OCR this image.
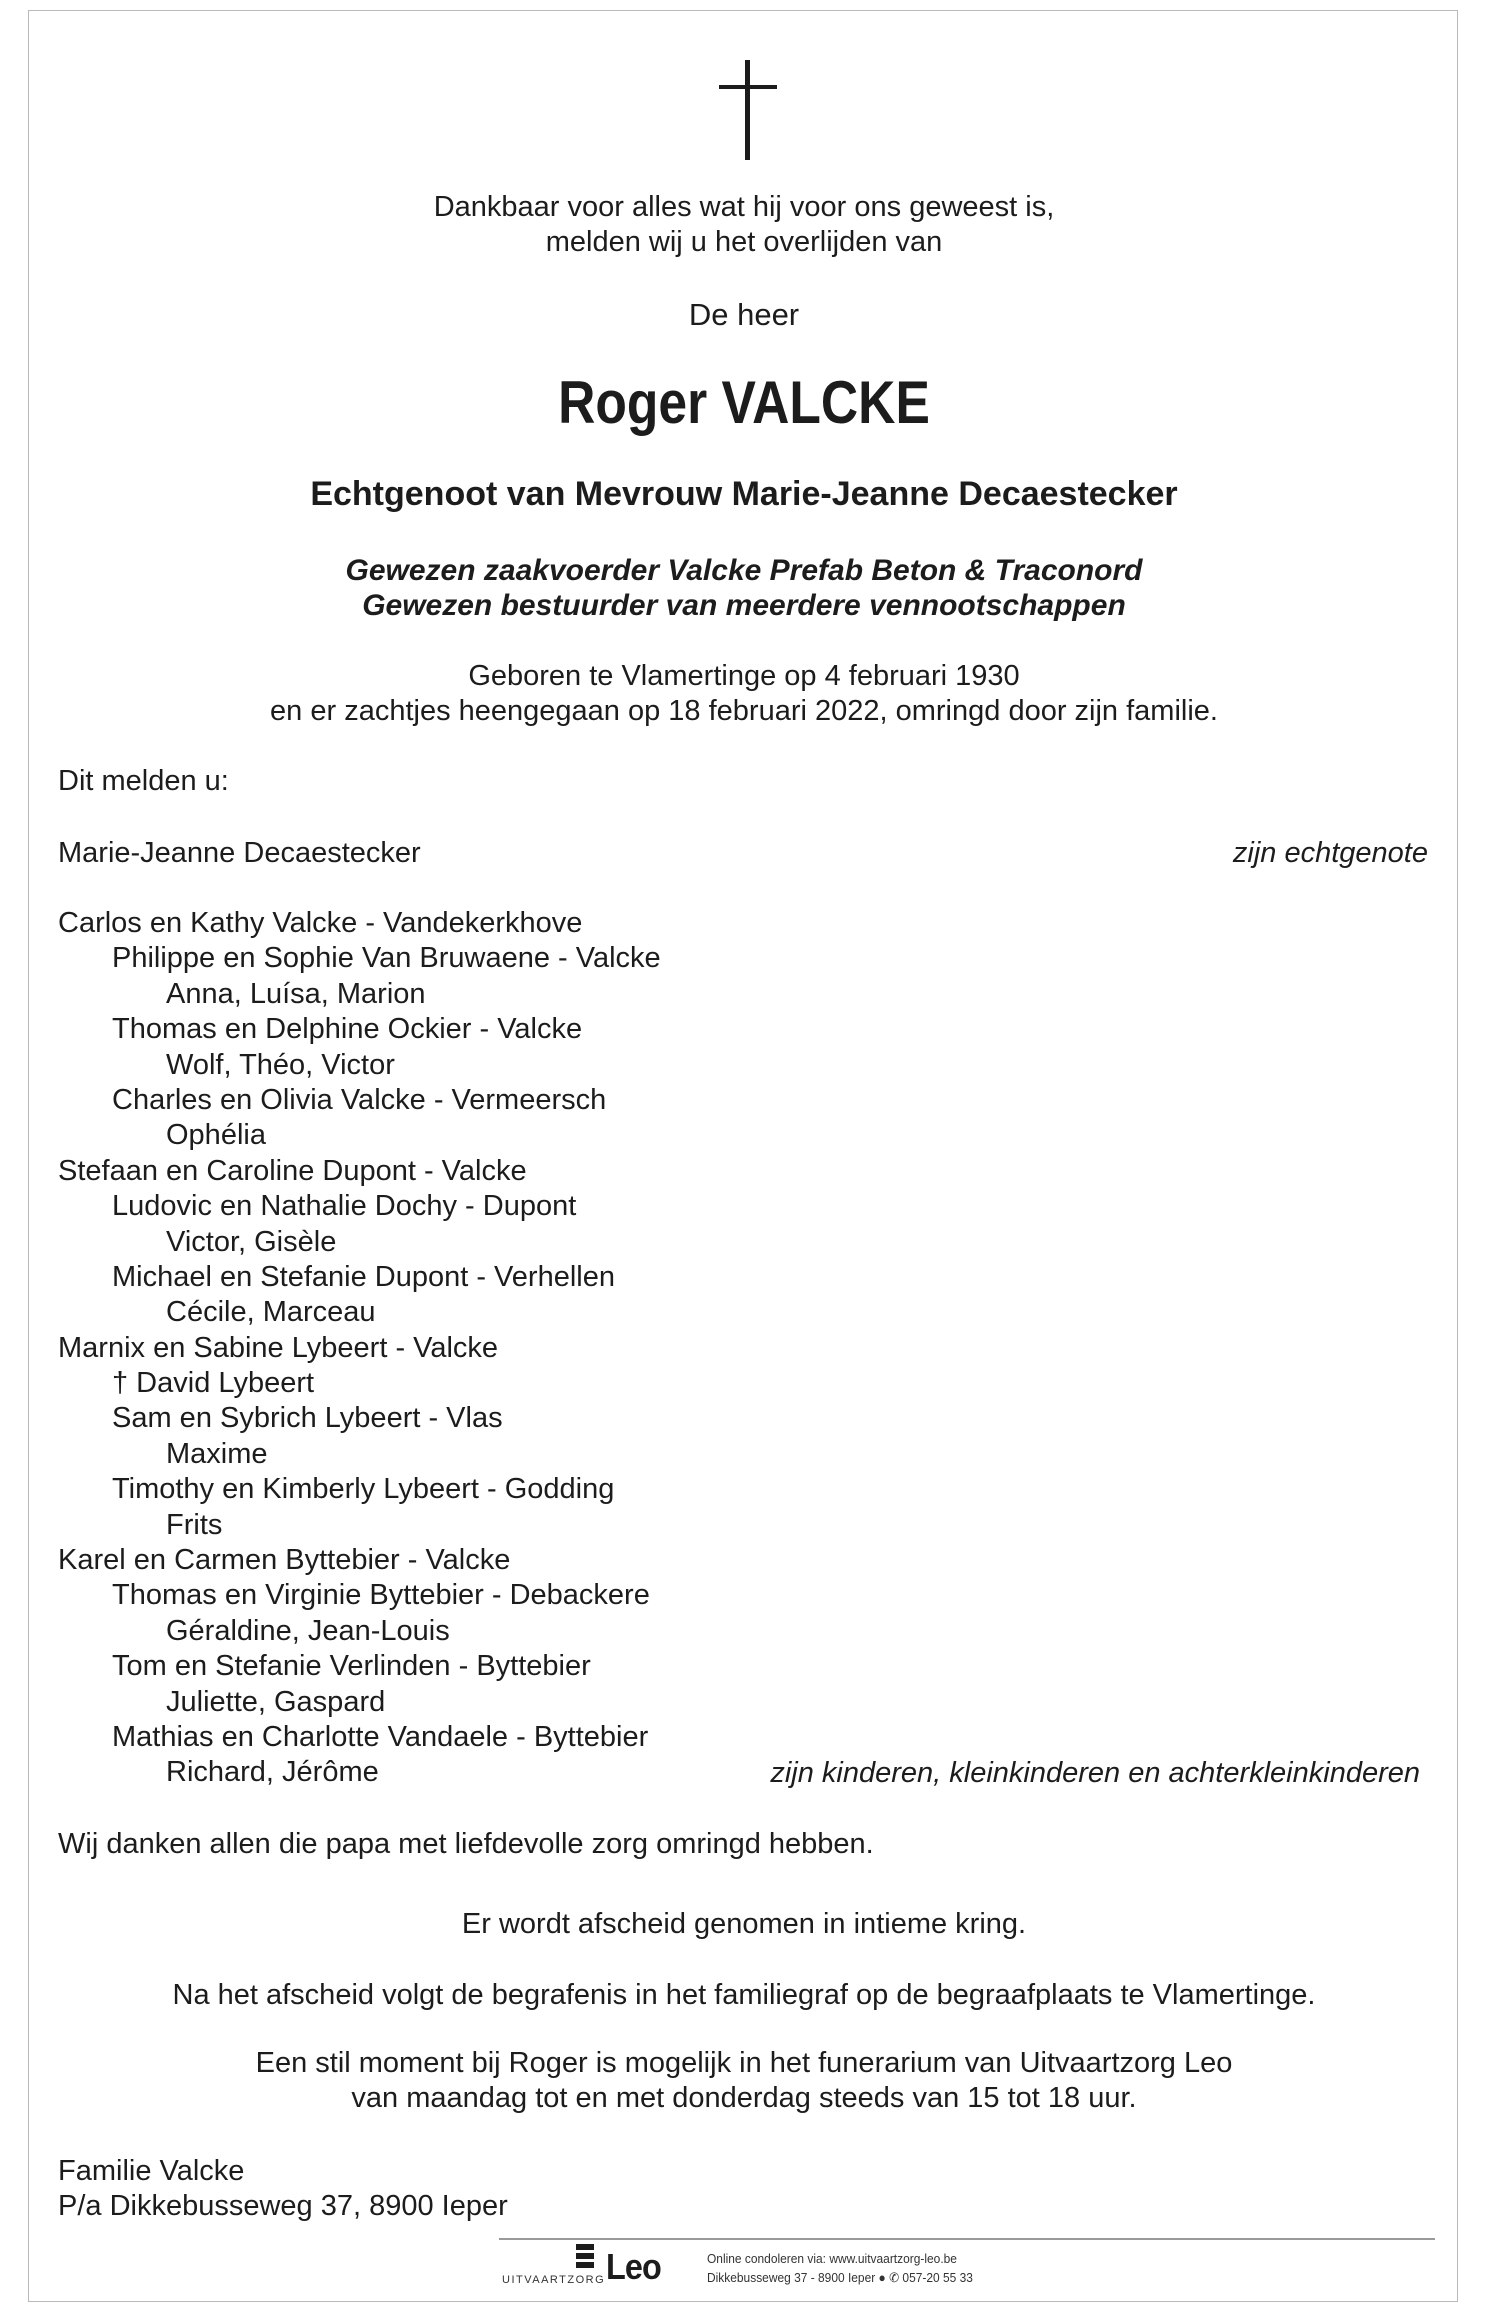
Dankbaar voor alles wat hij voor ons geweest is,
melden wij u het overlijden van
De heer
Roger VALCKE
Echtgenoot van Mevrouw Marie-Jeanne Decaestecker
Gewezen zaakvoerder Valcke Prefab Beton & Traconord
Gewezen bestuurder van meerdere vennootschappen
Geboren te Vlamertinge op 4 februari 1930
en er zachtjes heengegaan op 18 februari 2022, omringd door zijn familie.
Dit melden u:
Marie-Jeanne Decaestecker	zijn echtgenote
Carlos en Kathy Valcke - Vandekerkhove
Philippe en Sophie Van Bruwaene - Valcke
Anna, Luísa, Marion
Thomas en Delphine Ockier - Valcke
Wolf, Théo, Victor
Charles en Olivia Valcke - Vermeersch
Ophélia
Stefaan en Caroline Dupont - Valcke
Ludovic en Nathalie Dochy - Dupont
Victor, Gisèle
Michael en Stefanie Dupont - Verhellen
Cécile, Marceau
Marnix en Sabine Lybeert - Valcke
† David Lybeert
Sam en Sybrich Lybeert - Vlas
Maxime
Timothy en Kimberly Lybeert - Godding
Frits
Karel en Carmen Byttebier - Valcke
Thomas en Virginie Byttebier - Debackere
Géraldine, Jean-Louis
Tom en Stefanie Verlinden - Byttebier
Juliette, Gaspard
Mathias en Charlotte Vandaele - Byttebier
Richard, Jérôme	zijn kinderen, kleinkinderen en achterkleinkinderen
Wij danken allen die papa met liefdevolle zorg omringd hebben.
Er wordt afscheid genomen in intieme kring.
Na het afscheid volgt de begrafenis in het familiegraf op de begraafplaats te Vlamertinge.
Een stil moment bij Roger is mogelijk in het funerarium van Uitvaartzorg Leo
van maandag tot en met donderdag steeds van 15 tot 18 uur.
Familie Valcke
P/a Dikkebusseweg 37, 8900 Ieper
UITVAARTZORG Leo	Online condoleren via: www.uitvaartzorg-leo.be
Dikkebusseweg 37 - 8900 Ieper ● ✆ 057-20 55 33
